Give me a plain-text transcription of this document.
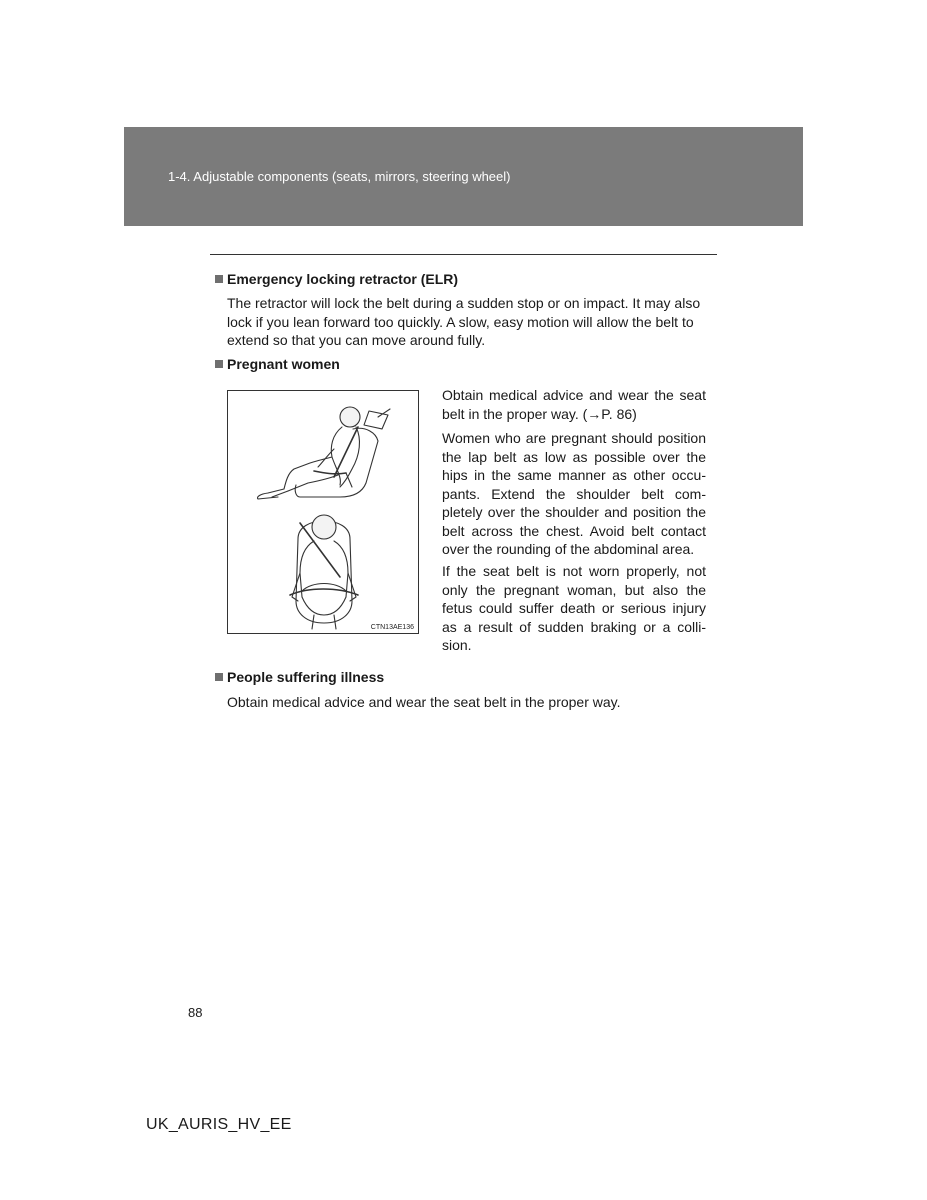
1-4. Adjustable components (seats, mirrors, steering wheel)
Emergency locking retractor (ELR)
The retractor will lock the belt during a sudden stop or on impact. It may also lock if you lean forward too quickly. A slow, easy motion will allow the belt to extend so that you can move around fully.
Pregnant women
CTN13AE136
Obtain medical advice and wear the seat belt in the proper way. (→P. 86)
Women who are pregnant should position the lap belt as low as possible over the hips in the same manner as other occu-pants. Extend the shoulder belt com-pletely over the shoulder and position the belt across the chest. Avoid belt contact over the rounding of the abdominal area.
If the seat belt is not worn properly, not only the pregnant woman, but also the fetus could suffer death or serious injury as a result of sudden braking or a colli-sion.
People suffering illness
Obtain medical advice and wear the seat belt in the proper way.
88
UK_AURIS_HV_EE
